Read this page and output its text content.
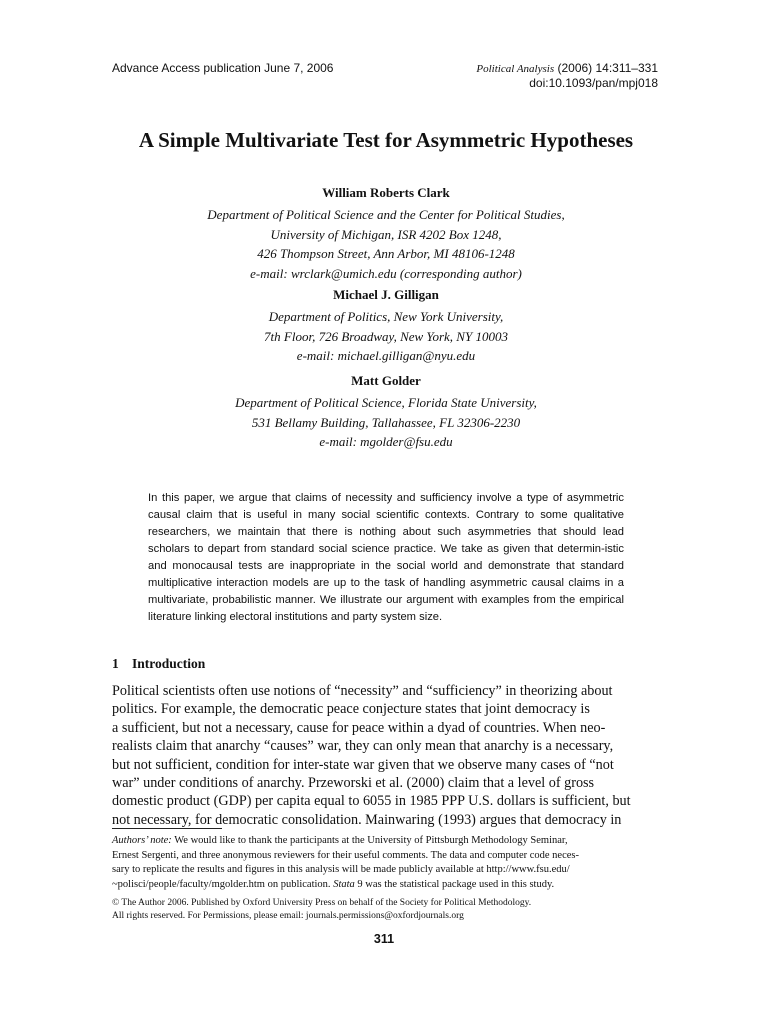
Advance Access publication June 7, 2006	Political Analysis (2006) 14:311–331
doi:10.1093/pan/mpj018
A Simple Multivariate Test for Asymmetric Hypotheses
William Roberts Clark
Department of Political Science and the Center for Political Studies,
University of Michigan, ISR 4202 Box 1248,
426 Thompson Street, Ann Arbor, MI 48106-1248
e-mail: wrclark@umich.edu (corresponding author)
Michael J. Gilligan
Department of Politics, New York University,
7th Floor, 726 Broadway, New York, NY 10003
e-mail: michael.gilligan@nyu.edu
Matt Golder
Department of Political Science, Florida State University,
531 Bellamy Building, Tallahassee, FL 32306-2230
e-mail: mgolder@fsu.edu
In this paper, we argue that claims of necessity and sufficiency involve a type of asymmetric causal claim that is useful in many social scientific contexts. Contrary to some qualitative researchers, we maintain that there is nothing about such asymmetries that should lead scholars to depart from standard social science practice. We take as given that determin-istic and monocausal tests are inappropriate in the social world and demonstrate that standard multiplicative interaction models are up to the task of handling asymmetric causal claims in a multivariate, probabilistic manner. We illustrate our argument with examples from the empirical literature linking electoral institutions and party system size.
1 Introduction
Political scientists often use notions of “necessity” and “sufficiency” in theorizing about
politics. For example, the democratic peace conjecture states that joint democracy is
a sufficient, but not a necessary, cause for peace within a dyad of countries. When neo-
realists claim that anarchy “causes” war, they can only mean that anarchy is a necessary,
but not sufficient, condition for inter-state war given that we observe many cases of “not
war” under conditions of anarchy. Przeworski et al. (2000) claim that a level of gross
domestic product (GDP) per capita equal to 6055 in 1985 PPP U.S. dollars is sufficient, but
not necessary, for democratic consolidation. Mainwaring (1993) argues that democracy in
Authors’ note: We would like to thank the participants at the University of Pittsburgh Methodology Seminar,
Ernest Sergenti, and three anonymous reviewers for their useful comments. The data and computer code neces-
sary to replicate the results and figures in this analysis will be made publicly available at http://www.fsu.edu/
~polisci/people/faculty/mgolder.htm on publication. Stata 9 was the statistical package used in this study.
© The Author 2006. Published by Oxford University Press on behalf of the Society for Political Methodology.
All rights reserved. For Permissions, please email: journals.permissions@oxfordjournals.org
311
